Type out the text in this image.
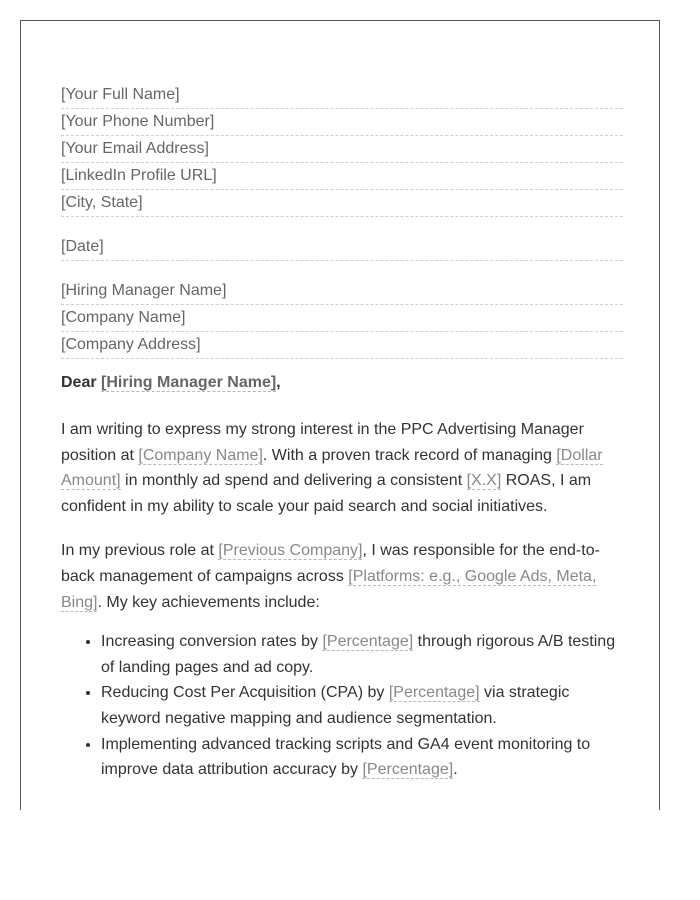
[Your Full Name]
[Your Phone Number]
[Your Email Address]
[LinkedIn Profile URL]
[City, State]
[Date]
[Hiring Manager Name]
[Company Name]
[Company Address]
Dear [Hiring Manager Name],

I am writing to express my strong interest in the PPC Advertising Manager position at [Company Name]. With a proven track record of managing [Dollar Amount] in monthly ad spend and delivering a consistent [X.X] ROAS, I am confident in my ability to scale your paid search and social initiatives.

In my previous role at [Previous Company], I was responsible for the end-to-back management of campaigns across [Platforms: e.g., Google Ads, Meta, Bing]. My key achievements include:

• Increasing conversion rates by [Percentage] through rigorous A/B testing of landing pages and ad copy.
• Reducing Cost Per Acquisition (CPA) by [Percentage] via strategic keyword negative mapping and audience segmentation.
• Implementing advanced tracking scripts and GA4 event monitoring to improve data attribution accuracy by [Percentage].
